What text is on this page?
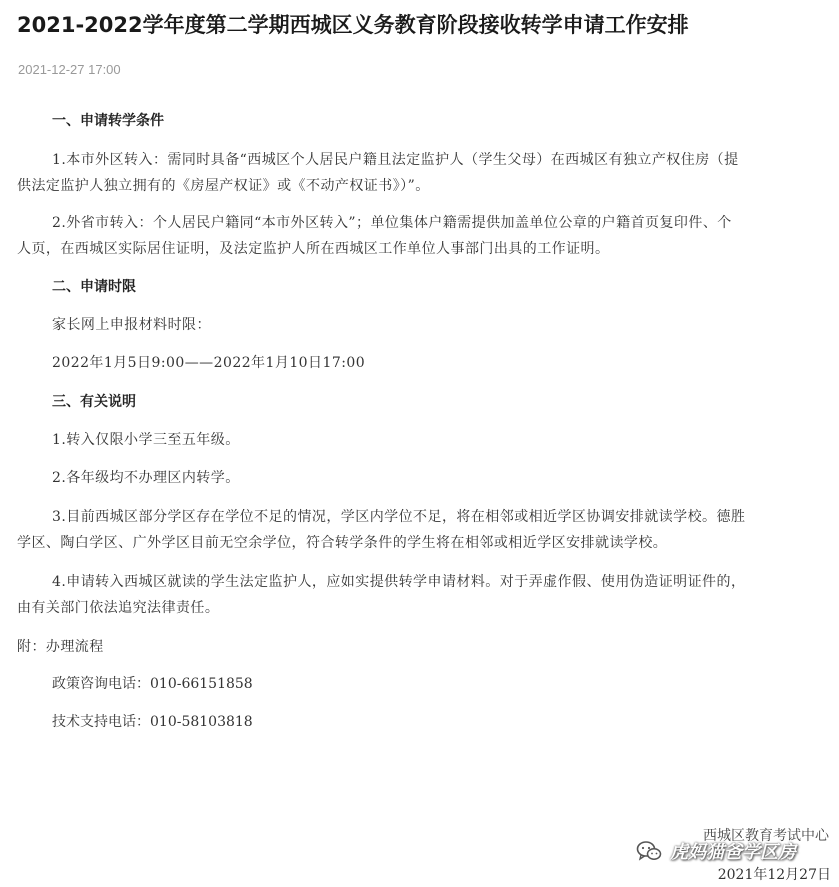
2021-2022学年度第二学期西城区义务教育阶段接收转学申请工作安排
2021-12-27 17:00
一、申请转学条件
1.本市外区转入：需同时具备“西城区个人居民户籍且法定监护人（学生父母）在西城区有独立产权住房（提
供法定监护人独立拥有的《房屋产权证》或《不动产权证书》）”。
2.外省市转入：个人居民户籍同“本市外区转入”；单位集体户籍需提供加盖单位公章的户籍首页复印件、个
人页，在西城区实际居住证明，及法定监护人所在西城区工作单位人事部门出具的工作证明。
二、申请时限
家长网上申报材料时限：
2022年1月5日9:00——2022年1月10日17:00
三、有关说明
1.转入仅限小学三至五年级。
2.各年级均不办理区内转学。
3.目前西城区部分学区存在学位不足的情况，学区内学位不足，将在相邻或相近学区协调安排就读学校。德胜
学区、陶白学区、广外学区目前无空余学位，符合转学条件的学生将在相邻或相近学区安排就读学校。
4.申请转入西城区就读的学生法定监护人，应如实提供转学申请材料。对于弄虚作假、使用伪造证明证件的，
由有关部门依法追究法律责任。
附：办理流程
政策咨询电话：010-66151858
技术支持电话：010-58103818
西城区教育考试中心
虎妈猫爸学区房
2021年12月27日
